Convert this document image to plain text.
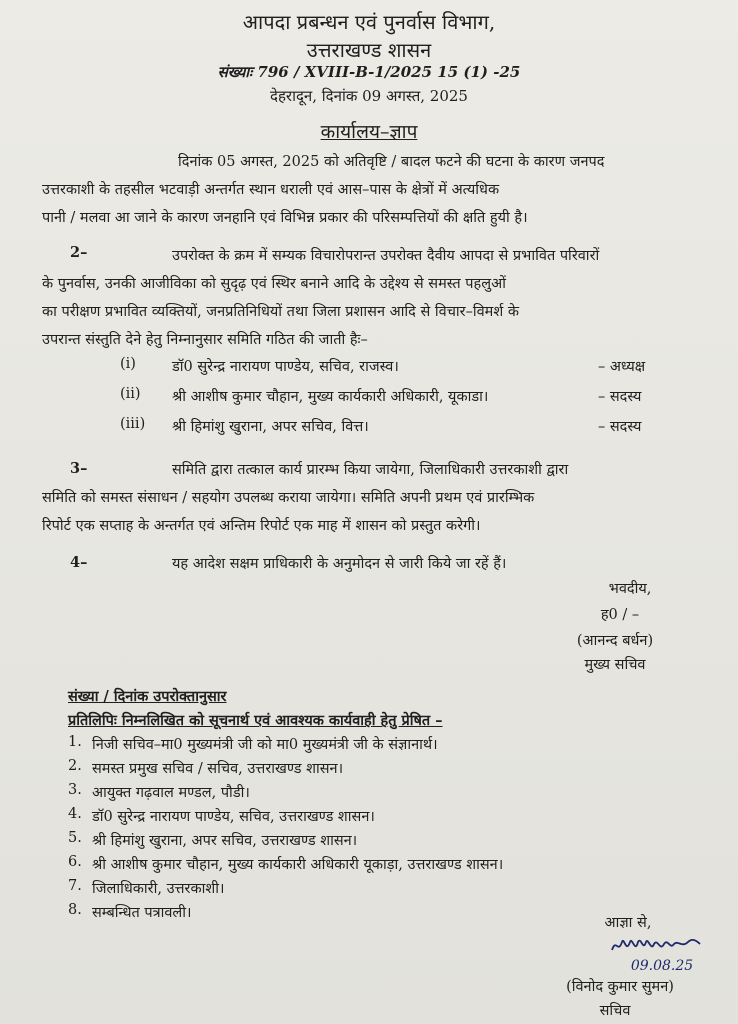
आपदा प्रबन्धन एवं पुनर्वास विभाग,
उत्तराखण्ड शासन
संख्याः 796 / XVIII-B-1/2025 15 (1) -25
देहरादून, दिनांक 09 अगस्त, 2025
कार्यालय–ज्ञाप
दिनांक 05 अगस्त, 2025 को अतिवृष्टि / बादल फटने की घटना के कारण जनपद
उत्तरकाशी के तहसील भटवाड़ी अन्तर्गत स्थान धराली एवं आस–पास के क्षेत्रों में अत्यधिक
पानी / मलवा आ जाने के कारण जनहानि एवं विभिन्न प्रकार की परिसम्पत्तियों की क्षति हुयी है।
2–	उपरोक्त के क्रम में सम्यक विचारोपरान्त उपरोक्त दैवीय आपदा से प्रभावित परिवारों
के पुनर्वास, उनकी आजीविका को सुदृढ़ एवं स्थिर बनाने आदि के उद्देश्य से समस्त पहलुओं
का परीक्षण प्रभावित व्यक्तियों, जनप्रतिनिधियों तथा जिला प्रशासन आदि से विचार–विमर्श के
उपरान्त संस्तुति देने हेतु निम्नानुसार समिति गठित की जाती हैः–
(i) डॉ0 सुरेन्द्र नारायण पाण्डेय, सचिव, राजस्व।	– अध्यक्ष
(ii) श्री आशीष कुमार चौहान, मुख्य कार्यकारी अधिकारी, यूकाडा।	– सदस्य
(iii) श्री हिमांशु खुराना, अपर सचिव, वित्त।	– सदस्य
3–	समिति द्वारा तत्काल कार्य प्रारम्भ किया जायेगा, जिलाधिकारी उत्तरकाशी द्वारा
समिति को समस्त संसाधन / सहयोग उपलब्ध कराया जायेगा। समिति अपनी प्रथम एवं प्रारम्भिक
रिपोर्ट एक सप्ताह के अन्तर्गत एवं अन्तिम रिपोर्ट एक माह में शासन को प्रस्तुत करेगी।
4–	यह आदेश सक्षम प्राधिकारी के अनुमोदन से जारी किये जा रहें हैं।
भवदीय,
ह0 / –
(आनन्द बर्धन)
मुख्य सचिव
संख्या / दिनांक उपरोक्तानुसार
प्रतिलिपिः निम्नलिखित को सूचनार्थ एवं आवश्यक कार्यवाही हेतु प्रेषित –
1. निजी सचिव–मा0 मुख्यमंत्री जी को मा0 मुख्यमंत्री जी के संज्ञानार्थ।
2. समस्त प्रमुख सचिव / सचिव, उत्तराखण्ड शासन।
3. आयुक्त गढ़वाल मण्डल, पौडी।
4. डॉ0 सुरेन्द्र नारायण पाण्डेय, सचिव, उत्तराखण्ड शासन।
5. श्री हिमांशु खुराना, अपर सचिव, उत्तराखण्ड शासन।
6. श्री आशीष कुमार चौहान, मुख्य कार्यकारी अधिकारी यूकाड़ा, उत्तराखण्ड शासन।
7. जिलाधिकारी, उत्तरकाशी।
8. सम्बन्धित पत्रावली।
आज्ञा से,
09.08.25
(विनोद कुमार सुमन)
सचिव
